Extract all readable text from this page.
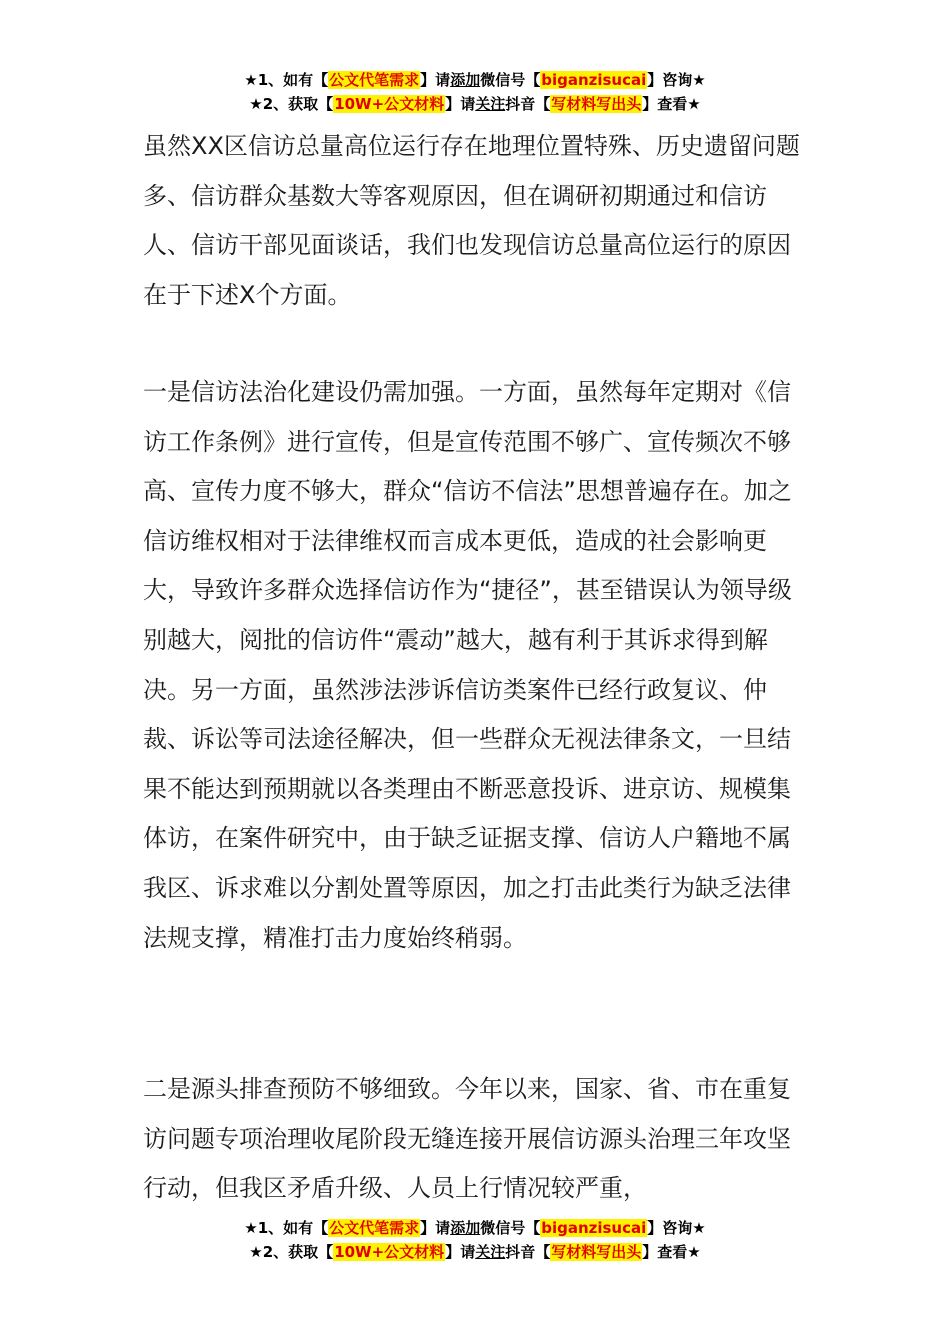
★1、如有【公文代笔需求】请添加微信号【biganzisucai】咨询★
★2、获取【10W+公文材料】请关注抖音【写材料写出头】查看★

虽然XX区信访总量高位运行存在地理位置特殊、历史遗留问题多、信访群众基数大等客观原因，但在调研初期通过和信访人、信访干部见面谈话，我们也发现信访总量高位运行的原因在于下述X个方面。

一是信访法治化建设仍需加强。一方面，虽然每年定期对《信访工作条例》进行宣传，但是宣传范围不够广、宣传频次不够高、宣传力度不够大，群众“信访不信法”思想普遍存在。加之信访维权相对于法律维权而言成本更低，造成的社会影响更大，导致许多群众选择信访作为“捷径”，甚至错误认为领导级别越大，阅批的信访件“震动”越大，越有利于其诉求得到解决。另一方面，虽然涉法涉诉信访类案件已经行政复议、仲裁、诉讼等司法途径解决，但一些群众无视法律条文，一旦结果不能达到预期就以各类理由不断恶意投诉、进京访、规模集体访，在案件研究中，由于缺乏证据支撑、信访人户籍地不属我区、诉求难以分割处置等原因，加之打击此类行为缺乏法律法规支撑，精准打击力度始终稍弱。

二是源头排查预防不够细致。今年以来，国家、省、市在重复访问题专项治理收尾阶段无缝连接开展信访源头治理三年攻坚行动，但我区矛盾升级、人员上行情况较严重，

★1、如有【公文代笔需求】请添加微信号【biganzisucai】咨询★
★2、获取【10W+公文材料】请关注抖音【写材料写出头】查看★
